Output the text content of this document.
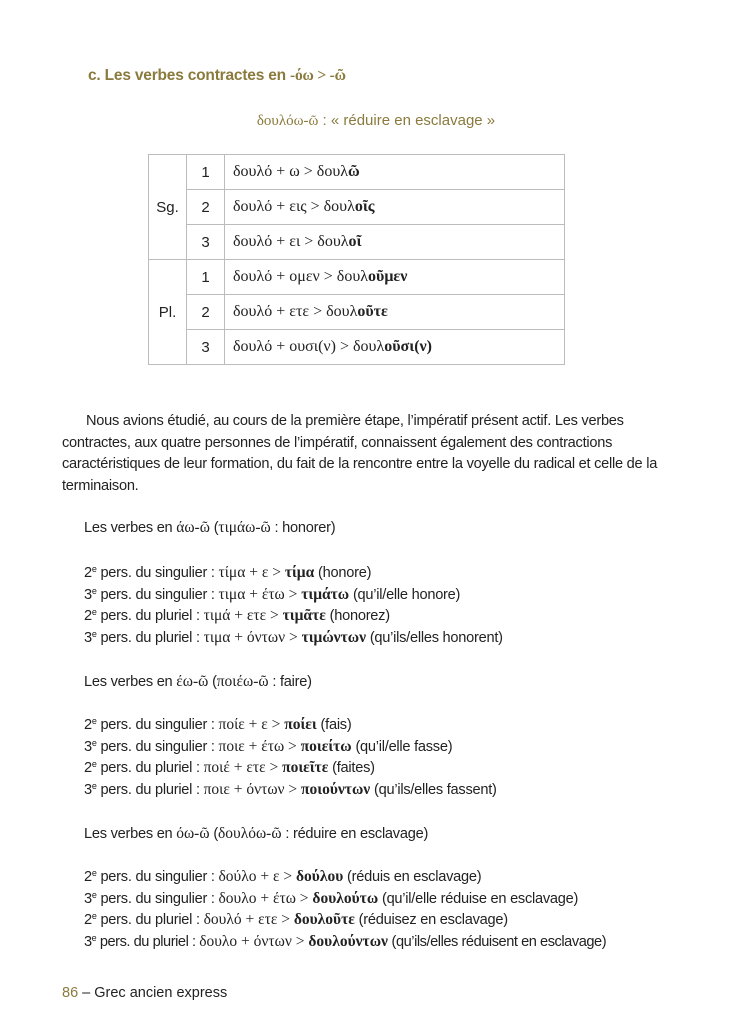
c. Les verbes contractes en -όω > -ῶ
δουλόω-ῶ : « réduire en esclavage »
Sg.	1	δουλό + ω > δουλῶ
	2	δουλό + εις > δουλοῖς
	3	δουλό + ει > δουλοῖ
Pl.	1	δουλό + ομεν > δουλοῦμεν
	2	δουλό + ετε > δουλοῦτε
	3	δουλό + ουσι(ν) > δουλοῦσι(ν)
Nous avions étudié, au cours de la première étape, l’impératif présent actif. Les verbes contractes, aux quatre personnes de l’impératif, connaissent également des contractions caractéristiques de leur formation, du fait de la rencontre entre la voyelle du radical et celle de la terminaison.
Les verbes en άω-ῶ (τιμάω-ῶ : honorer)
2e pers. du singulier : τίμα + ε > τίμα (honore)
3e pers. du singulier : τιμα + έτω > τιμάτω (qu’il/elle honore)
2e pers. du pluriel : τιμά + ετε > τιμᾶτε (honorez)
3e pers. du pluriel : τιμα + όντων > τιμώντων (qu’ils/elles honorent)
Les verbes en έω-ῶ (ποιέω-ῶ : faire)
2e pers. du singulier : ποίε + ε > ποίει (fais)
3e pers. du singulier : ποιε + έτω > ποιείτω (qu’il/elle fasse)
2e pers. du pluriel : ποιέ + ετε > ποιεῖτε (faites)
3e pers. du pluriel : ποιε + όντων > ποιούντων (qu’ils/elles fassent)
Les verbes en όω-ῶ (δουλόω-ῶ : réduire en esclavage)
2e pers. du singulier : δούλο + ε > δούλου (réduis en esclavage)
3e pers. du singulier : δουλο + έτω > δουλούτω (qu’il/elle réduise en esclavage)
2e pers. du pluriel : δουλό + ετε > δουλοῦτε (réduisez en esclavage)
3e pers. du pluriel : δουλο + όντων > δουλούντων (qu’ils/elles réduisent en esclavage)
86 – Grec ancien express
